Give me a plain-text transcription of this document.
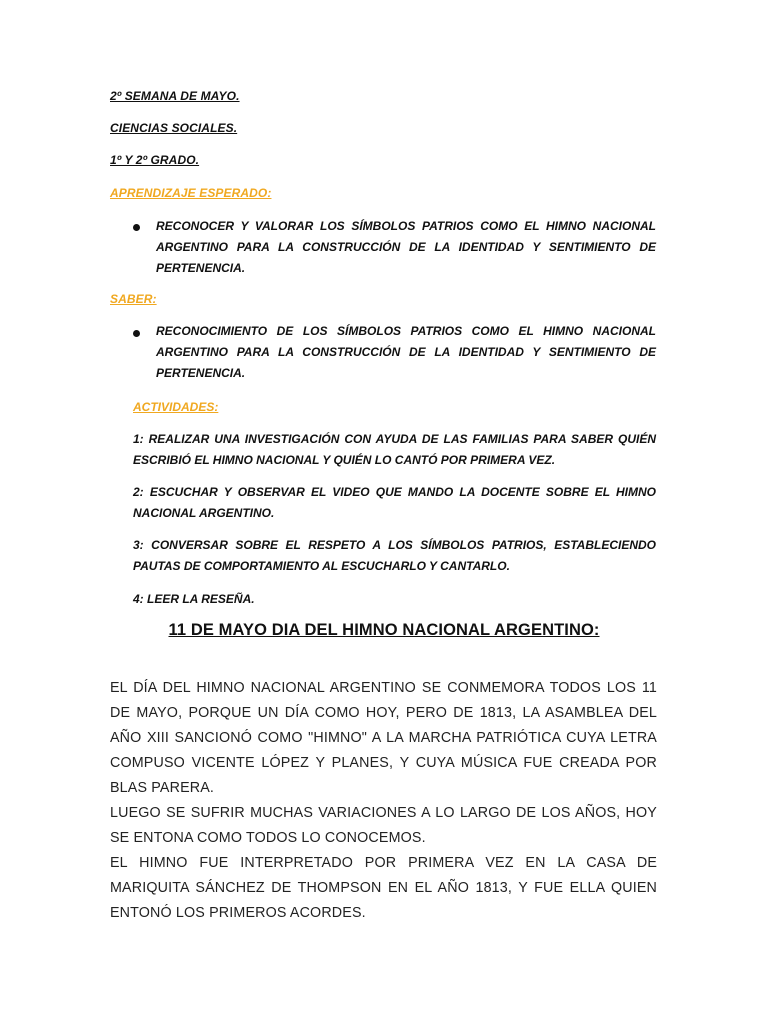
2º SEMANA DE MAYO.
CIENCIAS SOCIALES.
1º Y 2º GRADO.
APRENDIZAJE ESPERADO:
RECONOCER Y VALORAR LOS SÍMBOLOS PATRIOS COMO EL HIMNO NACIONAL ARGENTINO PARA LA CONSTRUCCIÓN DE LA IDENTIDAD Y SENTIMIENTO DE PERTENENCIA.
SABER:
RECONOCIMIENTO DE LOS SÍMBOLOS PATRIOS COMO EL HIMNO NACIONAL ARGENTINO PARA LA CONSTRUCCIÓN DE LA IDENTIDAD Y SENTIMIENTO DE PERTENENCIA.
ACTIVIDADES:
1: REALIZAR UNA INVESTIGACIÓN CON AYUDA DE LAS FAMILIAS PARA SABER QUIÉN ESCRIBIÓ EL HIMNO NACIONAL Y QUIÉN LO CANTÓ POR PRIMERA VEZ.
2: ESCUCHAR Y OBSERVAR EL VIDEO QUE MANDO LA DOCENTE SOBRE EL HIMNO NACIONAL ARGENTINO.
3: CONVERSAR SOBRE EL RESPETO A LOS SÍMBOLOS PATRIOS, ESTABLECIENDO PAUTAS DE COMPORTAMIENTO AL ESCUCHARLO Y CANTARLO.
4: LEER LA RESEÑA.
11 DE MAYO DIA DEL HIMNO NACIONAL ARGENTINO:
EL DÍA DEL HIMNO NACIONAL ARGENTINO SE CONMEMORA TODOS LOS 11 DE MAYO, PORQUE UN DÍA COMO HOY, PERO DE 1813, LA ASAMBLEA DEL AÑO XIII SANCIONÓ COMO "HIMNO" A LA MARCHA PATRIÓTICA CUYA LETRA COMPUSO VICENTE LÓPEZ Y PLANES, Y CUYA MÚSICA FUE CREADA POR BLAS PARERA.
LUEGO SE SUFRIR MUCHAS VARIACIONES A LO LARGO DE LOS AÑOS, HOY SE ENTONA COMO TODOS LO CONOCEMOS.
EL HIMNO FUE INTERPRETADO POR PRIMERA VEZ EN LA CASA DE MARIQUITA SÁNCHEZ DE THOMPSON EN EL AÑO 1813, Y FUE ELLA QUIEN ENTONÓ LOS PRIMEROS ACORDES.
